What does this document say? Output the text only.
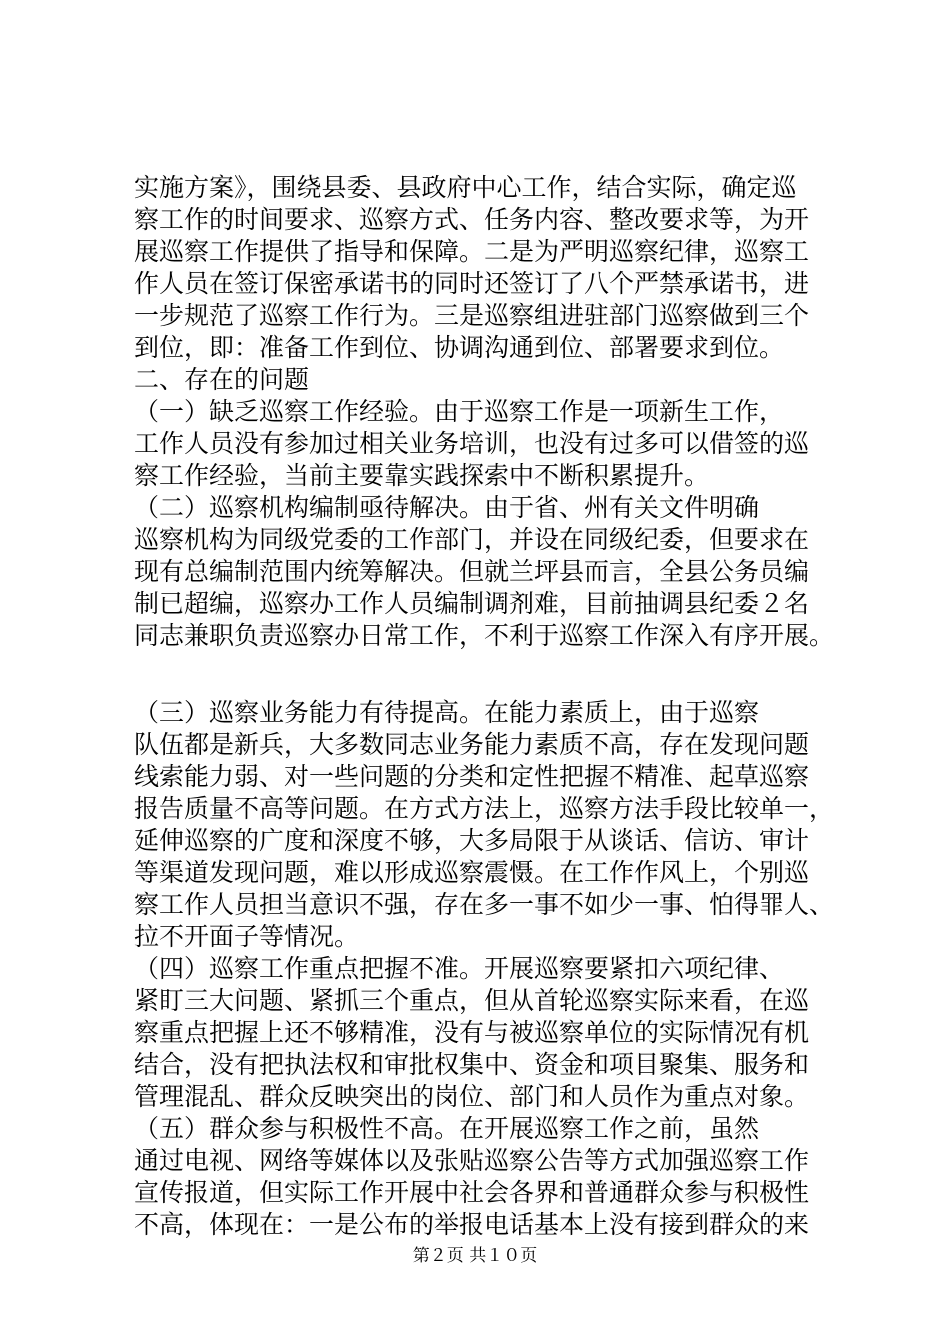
实施方案》，围绕县委、县政府中心工作，结合实际，确定巡
察工作的时间要求、巡察方式、任务内容、整改要求等，为开
展巡察工作提供了指导和保障。二是为严明巡察纪律，巡察工
作人员在签订保密承诺书的同时还签订了八个严禁承诺书，进
一步规范了巡察工作行为。三是巡察组进驻部门巡察做到三个
到位，即：准备工作到位、协调沟通到位、部署要求到位。
二、存在的问题
（一）缺乏巡察工作经验。由于巡察工作是一项新生工作，
工作人员没有参加过相关业务培训，也没有过多可以借签的巡
察工作经验，当前主要靠实践探索中不断积累提升。
（二）巡察机构编制亟待解决。由于省、州有关文件明确
巡察机构为同级党委的工作部门，并设在同级纪委，但要求在
现有总编制范围内统筹解决。但就兰坪县而言，全县公务员编
制已超编，巡察办工作人员编制调剂难，目前抽调县纪委２名
同志兼职负责巡察办日常工作，不利于巡察工作深入有序开展。
（三）巡察业务能力有待提高。在能力素质上，由于巡察
队伍都是新兵，大多数同志业务能力素质不高，存在发现问题
线索能力弱、对一些问题的分类和定性把握不精准、起草巡察
报告质量不高等问题。在方式方法上，巡察方法手段比较单一，
延伸巡察的广度和深度不够，大多局限于从谈话、信访、审计
等渠道发现问题，难以形成巡察震慑。在工作作风上，个别巡
察工作人员担当意识不强，存在多一事不如少一事、怕得罪人、
拉不开面子等情况。
（四）巡察工作重点把握不准。开展巡察要紧扣六项纪律、
紧盯三大问题、紧抓三个重点，但从首轮巡察实际来看，在巡
察重点把握上还不够精准，没有与被巡察单位的实际情况有机
结合，没有把执法权和审批权集中、资金和项目聚集、服务和
管理混乱、群众反映突出的岗位、部门和人员作为重点对象。
（五）群众参与积极性不高。在开展巡察工作之前，虽然
通过电视、网络等媒体以及张贴巡察公告等方式加强巡察工作
宣传报道，但实际工作开展中社会各界和普通群众参与积极性
不高，体现在：一是公布的举报电话基本上没有接到群众的来
第２页 共１０页
